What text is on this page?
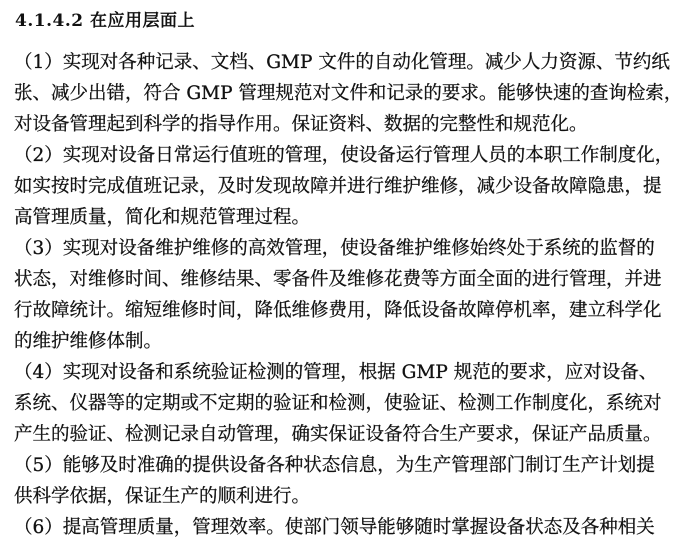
4.1.4.2 在应用层面上
（1）实现对各种记录、文档、GMP 文件的自动化管理。减少人力资源、节约纸
张、减少出错，符合 GMP 管理规范对文件和记录的要求。能够快速的查询检索，
对设备管理起到科学的指导作用。保证资料、数据的完整性和规范化。
（2）实现对设备日常运行值班的管理，使设备运行管理人员的本职工作制度化，
如实按时完成值班记录，及时发现故障并进行维护维修，减少设备故障隐患，提
高管理质量，简化和规范管理过程。
（3）实现对设备维护维修的高效管理，使设备维护维修始终处于系统的监督的
状态，对维修时间、维修结果、零备件及维修花费等方面全面的进行管理，并进
行故障统计。缩短维修时间，降低维修费用，降低设备故障停机率，建立科学化
的维护维修体制。
（4）实现对设备和系统验证检测的管理，根据 GMP 规范的要求，应对设备、
系统、仪器等的定期或不定期的验证和检测，使验证、检测工作制度化，系统对
产生的验证、检测记录自动管理，确实保证设备符合生产要求，保证产品质量。
（5）能够及时准确的提供设备各种状态信息，为生产管理部门制订生产计划提
供科学依据，保证生产的顺利进行。
（6）提高管理质量，管理效率。使部门领导能够随时掌握设备状态及各种相关
